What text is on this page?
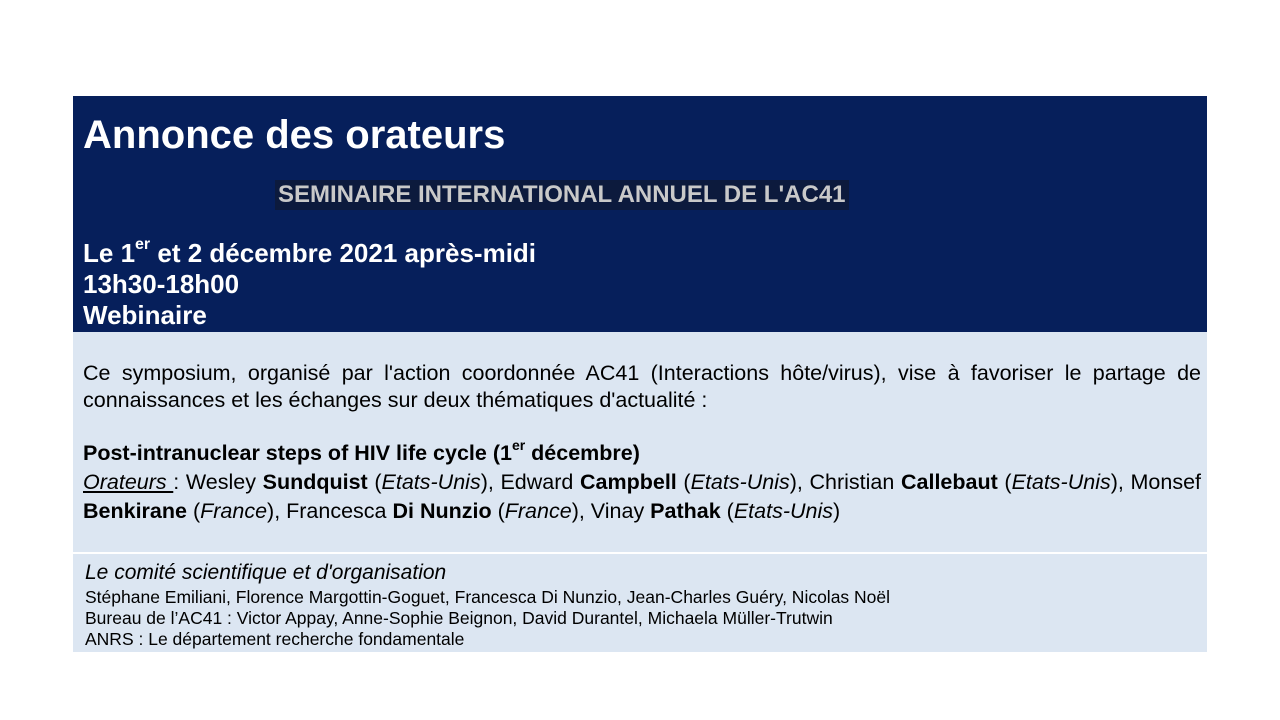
Annonce des orateurs
SEMINAIRE INTERNATIONAL ANNUEL DE L'AC41
Le 1er et 2 décembre 2021 après-midi
13h30-18h00
Webinaire
Ce symposium, organisé par l'action coordonnée AC41 (Interactions hôte/virus), vise à favoriser le partage de connaissances et les échanges sur deux thématiques d'actualité :
Post-intranuclear steps of HIV life cycle (1er décembre)
Orateurs : Wesley Sundquist (Etats-Unis), Edward Campbell (Etats-Unis), Christian Callebaut (Etats-Unis), Monsef Benkirane (France), Francesca Di Nunzio (France), Vinay Pathak (Etats-Unis)
Le comité scientifique et d'organisation
Stéphane Emiliani, Florence Margottin-Goguet, Francesca Di Nunzio, Jean-Charles Guéry, Nicolas Noël
Bureau de l’AC41 : Victor Appay, Anne-Sophie Beignon, David Durantel, Michaela Müller-Trutwin
ANRS : Le département recherche fondamentale
